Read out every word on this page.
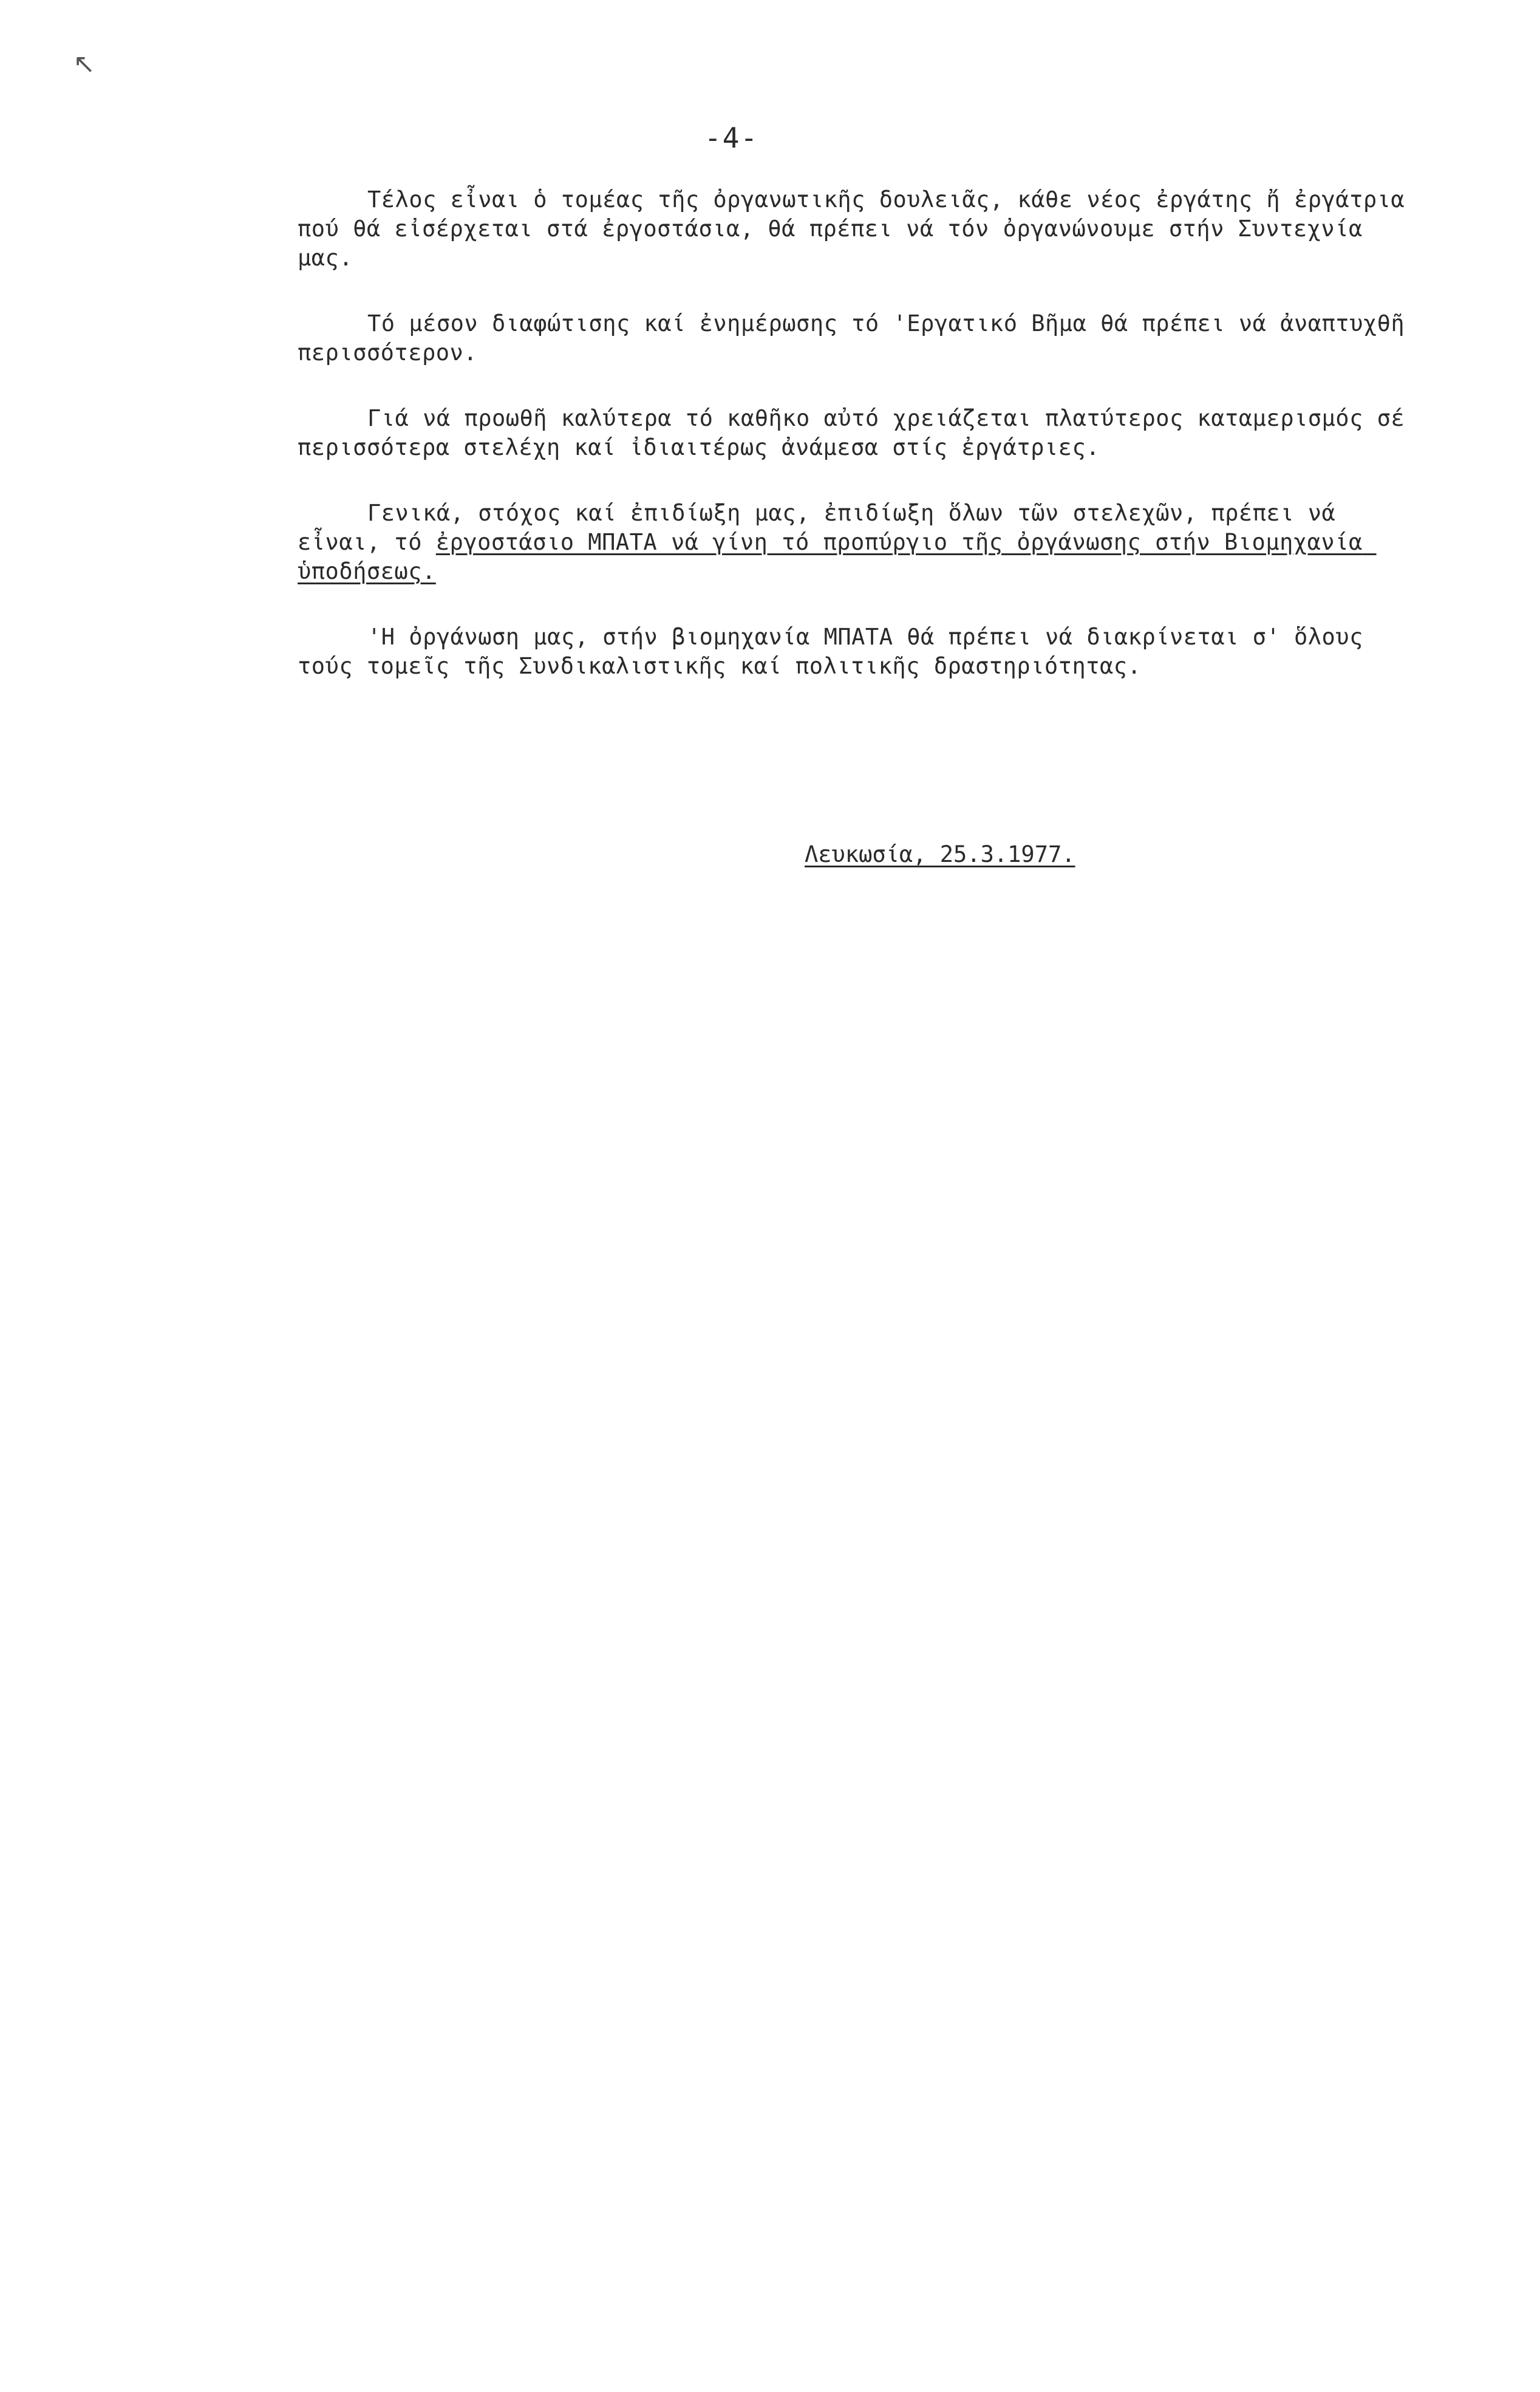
↖
-4-

Τέλος εἶναι ὁ τομέας τῆς ὀργανωτικῆς δουλειᾶς, κάθε νέος ἐργάτης ἤ ἐργάτρια πού θά εἰσέρχεται στά ἐργοστάσια, θά πρέπει νά τόν ὀργανώνουμε στήν Συντεχνία μας.

Τό μέσον διαφώτισης καί ἐνημέρωσης τό 'Εργατικό Βῆμα θά πρέπει νά ἀναπτυχθῆ περισσότερον.

Γιά νά προωθῆ καλύτερα τό καθῆκο αὐτό χρειάζεται πλατύτερος καταμερισμός σέ περισσότερα στελέχη καί ἰδιαιτέρως ἀνάμεσα στίς ἐργάτριες.

Γενικά, στόχος καί ἐπιδίωξη μας, ἐπιδίωξη ὅλων τῶν στελεχῶν, πρέπει νά εἶναι, τό ἐργοστάσιο ΜΠΑΤΑ νά γίνη τό προπύργιο τῆς ὀργάνωσης στήν Βιομηχανία ὑποδήσεως.

'Η ὀργάνωση μας, στήν βιομηχανία ΜΠΑΤΑ θά πρέπει νά διακρίνεται σ' ὅλους τούς τομεῖς τῆς Συνδικαλιστικῆς καί πολιτικῆς δραστηριότητας.

Λευκωσία, 25.3.1977.
